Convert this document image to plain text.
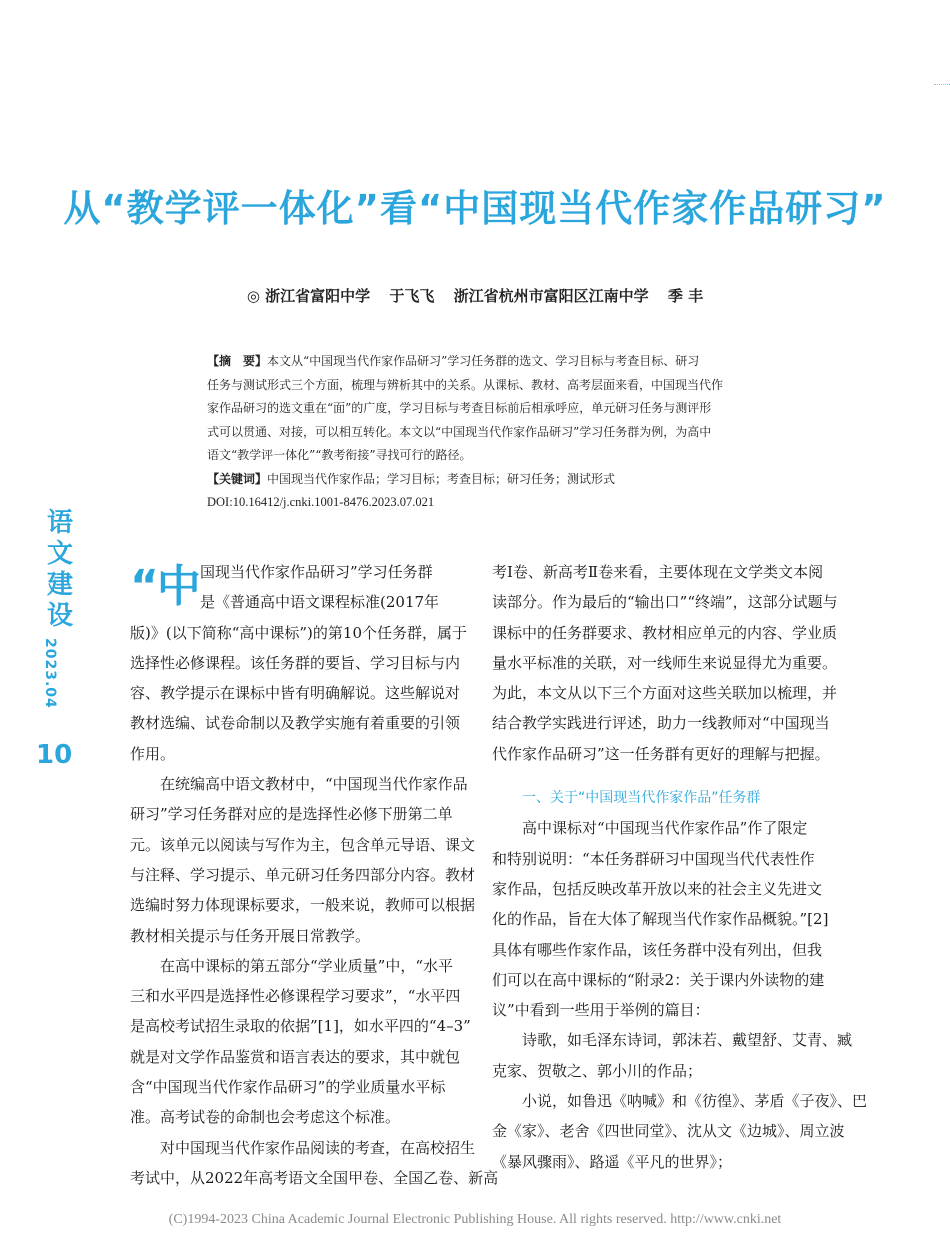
从“教学评一体化”看“中国现当代作家作品研习”
◎ 浙江省富阳中学 于飞飞 浙江省杭州市富阳区江南中学 季 丰

【摘　要】本文从“中国现当代作家作品研习”学习任务群的选文、学习目标与考查目标、研习

任务与测试形式三个方面，梳理与辨析其中的关系。从课标、教材、高考层面来看，中国现当代作

家作品研习的选文重在“面”的广度，学习目标与考查目标前后相承呼应，单元研习任务与测评形

式可以贯通、对接，可以相互转化。本文以“中国现当代作家作品研习”学习任务群为例，为高中

语文“教学评一体化”“教考衔接”寻找可行的路径。

【关键词】中国现当代作家作品；学习目标；考查目标；研习任务；测试形式

DOI:10.16412/j.cnki.1001-8476.2023.07.021

语
文
建
设
2023.04
10
“中 国现当代作家作品研习”学习任务群
是《普通高中语文课程标准(2017年
版)》(以下简称“高中课标”)的第10个任务群，属于
选择性必修课程。该任务群的要旨、学习目标与内
容、教学提示在课标中皆有明确解说。这些解说对
教材选编、试卷命制以及教学实施有着重要的引领
作用。
　　在统编高中语文教材中，“中国现当代作家作品
研习”学习任务群对应的是选择性必修下册第二单
元。该单元以阅读与写作为主，包含单元导语、课文
与注释、学习提示、单元研习任务四部分内容。教材
选编时努力体现课标要求，一般来说，教师可以根据
教材相关提示与任务开展日常教学。
　　在高中课标的第五部分“学业质量”中，“水平
三和水平四是选择性必修课程学习要求”，“水平四
是高校考试招生录取的依据”[1]，如水平四的“4–3”
就是对文学作品鉴赏和语言表达的要求，其中就包
含“中国现当代作家作品研习”的学业质量水平标
准。高考试卷的命制也会考虑这个标准。
　　对中国现当代作家作品阅读的考查，在高校招生
考试中，从2022年高考语文全国甲卷、全国乙卷、新高
考Ⅰ卷、新高考Ⅱ卷来看，主要体现在文学类文本阅
读部分。作为最后的“输出口”“终端”，这部分试题与
课标中的任务群要求、教材相应单元的内容、学业质
量水平标准的关联，对一线师生来说显得尤为重要。
为此，本文从以下三个方面对这些关联加以梳理，并
结合教学实践进行评述，助力一线教师对“中国现当
代作家作品研习”这一任务群有更好的理解与把握。
一、关于“中国现当代作家作品”任务群
　　高中课标对“中国现当代作家作品”作了限定
和特别说明：“本任务群研习中国现当代代表性作
家作品，包括反映改革开放以来的社会主义先进文
化的作品，旨在大体了解现当代作家作品概貌。”[2]
具体有哪些作家作品，该任务群中没有列出，但我
们可以在高中课标的“附录2：关于课内外读物的建
议”中看到一些用于举例的篇目：
　　诗歌，如毛泽东诗词，郭沫若、戴望舒、艾青、臧
克家、贺敬之、郭小川的作品；
　　小说，如鲁迅《呐喊》和《彷徨》、茅盾《子夜》、巴
金《家》、老舍《四世同堂》、沈从文《边城》、周立波
《暴风骤雨》、路遥《平凡的世界》；
(C)1994-2023 China Academic Journal Electronic Publishing House. All rights reserved. http://www.cnki.net
